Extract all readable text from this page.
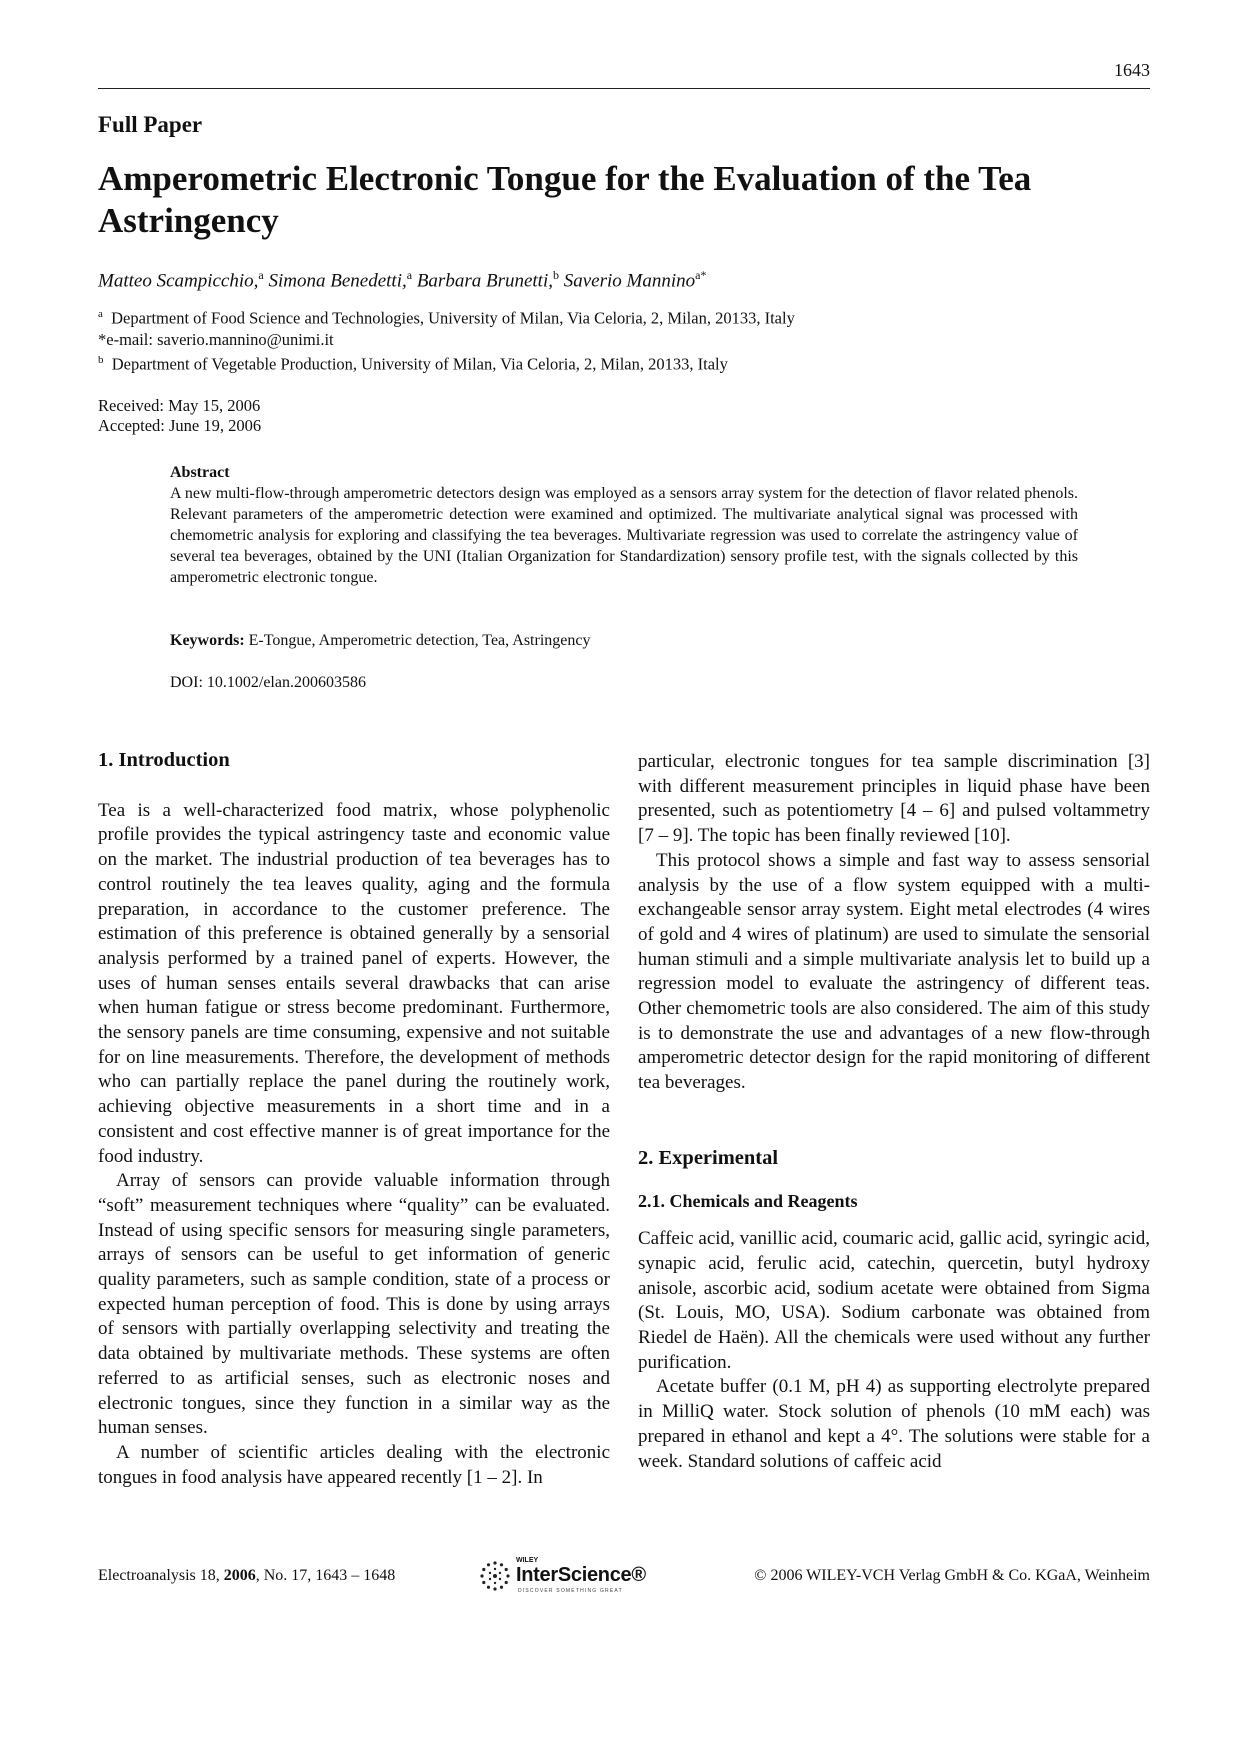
1643
Full Paper
Amperometric Electronic Tongue for the Evaluation of the Tea Astringency
Matteo Scampicchio,$^a$ Simona Benedetti,$^a$ Barbara Brunetti,$^b$ Saverio Mannino$^{a*}$
$^a$ Department of Food Science and Technologies, University of Milan, Via Celoria, 2, Milan, 20133, Italy
*e-mail: saverio.mannino@unimi.it
$^b$ Department of Vegetable Production, University of Milan, Via Celoria, 2, Milan, 20133, Italy
Received: May 15, 2006
Accepted: June 19, 2006
Abstract
A new multi-flow-through amperometric detectors design was employed as a sensors array system for the detection of flavor related phenols. Relevant parameters of the amperometric detection were examined and optimized. The multivariate analytical signal was processed with chemometric analysis for exploring and classifying the tea beverages. Multivariate regression was used to correlate the astringency value of several tea beverages, obtained by the UNI (Italian Organization for Standardization) sensory profile test, with the signals collected by this amperometric electronic tongue.
Keywords: E-Tongue, Amperometric detection, Tea, Astringency
DOI: 10.1002/elan.200603586
1. Introduction

Tea is a well-characterized food matrix, whose polyphenolic profile provides the typical astringency taste and economic value on the market. The industrial production of tea beverages has to control routinely the tea leaves quality, aging and the formula preparation, in accordance to the customer preference. The estimation of this preference is obtained generally by a sensorial analysis performed by a trained panel of experts. However, the uses of human senses entails several drawbacks that can arise when human fatigue or stress become predominant. Furthermore, the sensory panels are time consuming, expensive and not suitable for on line measurements. Therefore, the development of methods who can partially replace the panel during the routinely work, achieving objective measurements in a short time and in a consistent and cost effective manner is of great importance for the food industry.

Array of sensors can provide valuable information through “soft” measurement techniques where “quality” can be evaluated. Instead of using specific sensors for measuring single parameters, arrays of sensors can be useful to get information of generic quality parameters, such as sample condition, state of a process or expected human perception of food. This is done by using arrays of sensors with partially overlapping selectivity and treating the data obtained by multivariate methods. These systems are often referred to as artificial senses, such as electronic noses and electronic tongues, since they function in a similar way as the human senses.

A number of scientific articles dealing with the electronic tongues in food analysis have appeared recently [1 – 2]. In

particular, electronic tongues for tea sample discrimination [3] with different measurement principles in liquid phase have been presented, such as potentiometry [4 – 6] and pulsed voltammetry [7 – 9]. The topic has been finally reviewed [10].

This protocol shows a simple and fast way to assess sensorial analysis by the use of a flow system equipped with a multi-exchangeable sensor array system. Eight metal electrodes (4 wires of gold and 4 wires of platinum) are used to simulate the sensorial human stimuli and a simple multivariate analysis let to build up a regression model to evaluate the astringency of different teas. Other chemometric tools are also considered. The aim of this study is to demonstrate the use and advantages of a new flow-through amperometric detector design for the rapid monitoring of different tea beverages.

2. Experimental
2.1. Chemicals and Reagents

Caffeic acid, vanillic acid, coumaric acid, gallic acid, syringic acid, synapic acid, ferulic acid, catechin, quercetin, butyl hydroxy anisole, ascorbic acid, sodium acetate were obtained from Sigma (St. Louis, MO, USA). Sodium carbonate was obtained from Riedel de Haën). All the chemicals were used without any further purification.

Acetate buffer (0.1 M, pH 4) as supporting electrolyte prepared in MilliQ water. Stock solution of phenols (10 mM each) was prepared in ethanol and kept a 4°. The solutions were stable for a week. Standard solutions of caffeic acid

Electroanalysis 18, 2006, No. 17, 1643 – 1648
WILEY
InterScience®
DISCOVER SOMETHING GREAT
© 2006 WILEY-VCH Verlag GmbH & Co. KGaA, Weinheim
